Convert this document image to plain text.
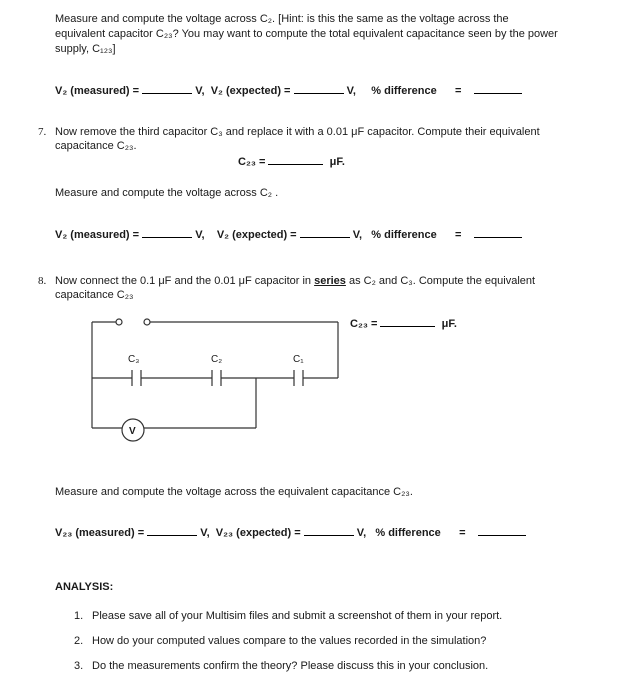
Measure and compute the voltage across C₂. [Hint: is this the same as the voltage across the
equivalent capacitor C₂₃? You may want to compute the total equivalent capacitance seen by the power
supply, C₁₂₃]
V₂ (measured) =	V, V₂ (expected) =	V, % difference =
7. Now remove the third capacitor C₃ and replace it with a 0.01 μF capacitor. Compute their equivalent
capacitance C₂₃.
C₂₃ =	μF.
Measure and compute the voltage across C₂ .
V₂ (measured) =	V, V₂ (expected) =	V, % difference =
8. Now connect the 0.1 μF and the 0.01 μF capacitor in series as C₂ and C₃. Compute the equivalent
capacitance C₂₃
C₃	C₂	C₁
V
C₂₃ =	μF.
Measure and compute the voltage across the equivalent capacitance C₂₃.
V₂₃ (measured) =	V, V₂₃ (expected) =	V, % difference =
ANALYSIS:
1. Please save all of your Multisim files and submit a screenshot of them in your report.
2. How do your computed values compare to the values recorded in the simulation?
3. Do the measurements confirm the theory? Please discuss this in your conclusion.
